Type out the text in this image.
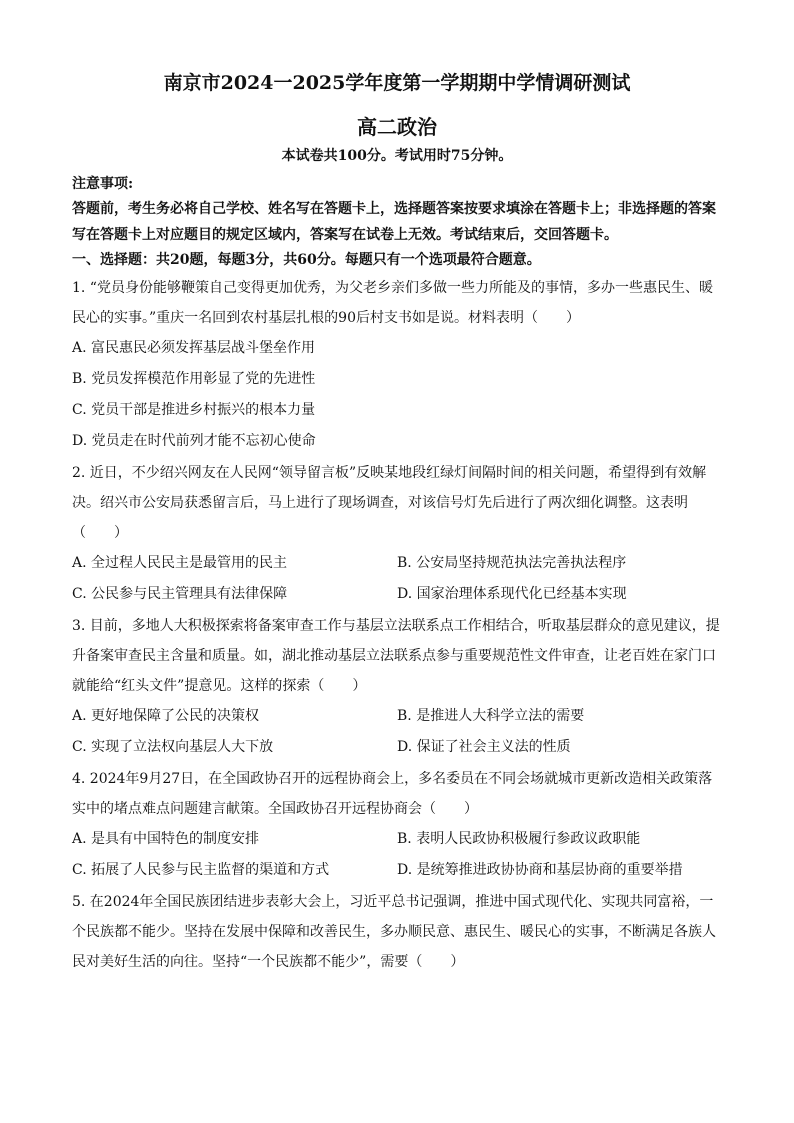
南京市2024一2025学年度第一学期期中学情调研测试
高二政治
本试卷共100分。考试用时75分钟。
注意事项:
答题前，考生务必将自己学校、姓名写在答题卡上，选择题答案按要求填涂在答题卡上；非选择题的答案写在答题卡上对应题目的规定区域内，答案写在试卷上无效。考试结束后，交回答题卡。
一、选择题：共20题，每题3分，共60分。每题只有一个选项最符合题意。
1. “党员身份能够鞭策自己变得更加优秀，为父老乡亲们多做一些力所能及的事情，多办一些惠民生、暖民心的实事。”重庆一名回到农村基层扎根的90后村支书如是说。材料表明（　　）
A. 富民惠民必须发挥基层战斗堡垒作用
B. 党员发挥模范作用彰显了党的先进性
C. 党员干部是推进乡村振兴的根本力量
D. 党员走在时代前列才能不忘初心使命
2. 近日，不少绍兴网友在人民网“领导留言板”反映某地段红绿灯间隔时间的相关问题，希望得到有效解决。绍兴市公安局获悉留言后，马上进行了现场调查，对该信号灯先后进行了两次细化调整。这表明（　　）
A. 全过程人民民主是最管用的民主	B. 公安局坚持规范执法完善执法程序
C. 公民参与民主管理具有法律保障	D. 国家治理体系现代化已经基本实现
3. 目前，多地人大积极探索将备案审查工作与基层立法联系点工作相结合，听取基层群众的意见建议，提升备案审查民主含量和质量。如，湖北推动基层立法联系点参与重要规范性文件审查，让老百姓在家门口就能给“红头文件”提意见。这样的探索（　　）
A. 更好地保障了公民的决策权	B. 是推进人大科学立法的需要
C. 实现了立法权向基层人大下放	D. 保证了社会主义法的性质
4. 2024年9月27日，在全国政协召开的远程协商会上，多名委员在不同会场就城市更新改造相关政策落实中的堵点难点问题建言献策。全国政协召开远程协商会（　　）
A. 是具有中国特色的制度安排	B. 表明人民政协积极履行参政议政职能
C. 拓展了人民参与民主监督的渠道和方式	D. 是统筹推进政协协商和基层协商的重要举措
5. 在2024年全国民族团结进步表彰大会上，习近平总书记强调，推进中国式现代化、实现共同富裕，一个民族都不能少。坚持在发展中保障和改善民生，多办顺民意、惠民生、暖民心的实事，不断满足各族人民对美好生活的向往。坚持“一个民族都不能少”，需要（　　）
